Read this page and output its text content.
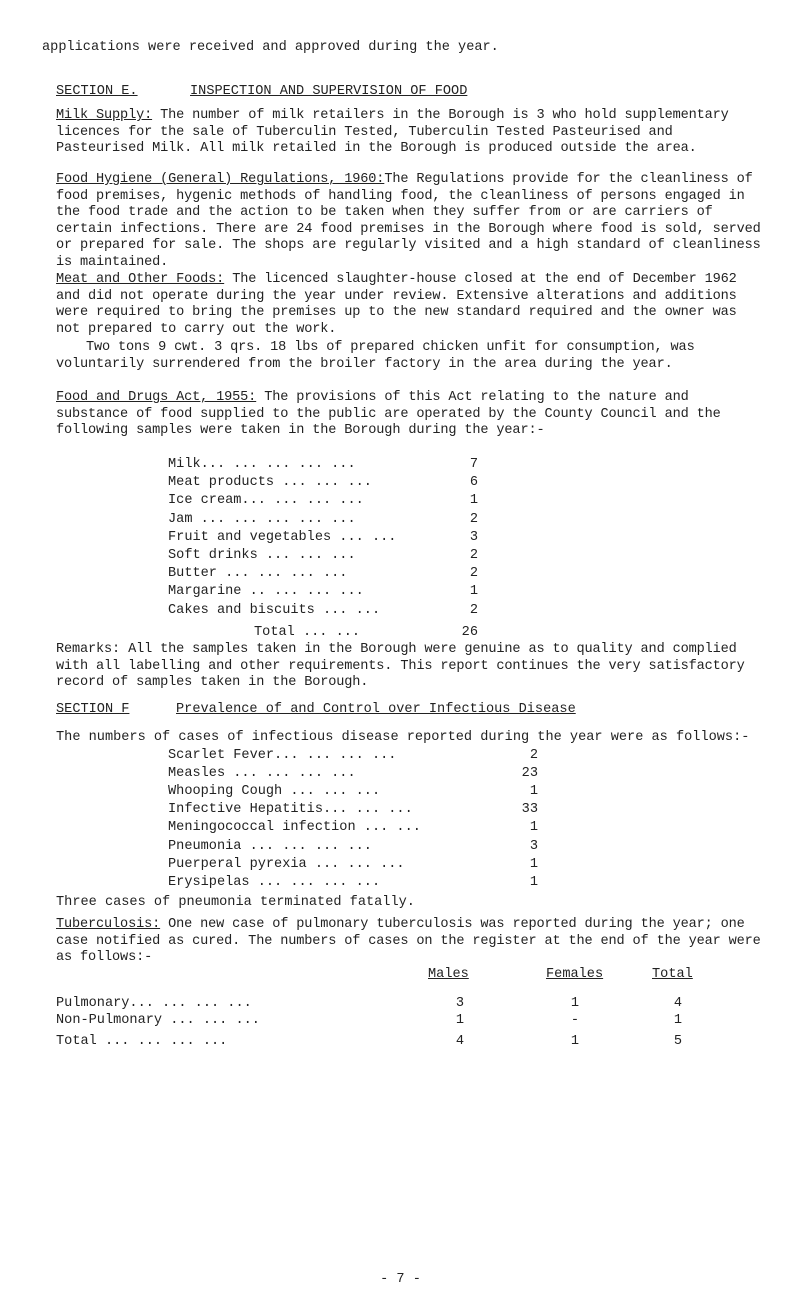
applications were received and approved during the year.
SECTION E.	INSPECTION AND SUPERVISION OF FOOD

Milk Supply: The number of milk retailers in the Borough is 3 who hold supplementary licences for the sale of Tuberculin Tested, Tuberculin Tested Pasteurised and Pasteurised Milk. All milk retailed in the Borough is produced outside the area.

Food Hygiene (General) Regulations, 1960:The Regulations provide for the cleanliness of food premises, hygenic methods of handling food, the cleanliness of persons engaged in the food trade and the action to be taken when they suffer from or are carriers of certain infections. There are 24 food premises in the Borough where food is sold, served or prepared for sale. The shops are regularly visited and a high standard of cleanliness is maintained.

Meat and Other Foods: The licenced slaughter-house closed at the end of December 1962 and did not operate during the year under review. Extensive alterations and additions were required to bring the premises up to the new standard required and the owner was not prepared to carry out the work.

Two tons 9 cwt. 3 qrs. 18 lbs of prepared chicken unfit for consumption, was voluntarily surrendered from the broiler factory in the area during the year.

Food and Drugs Act, 1955: The provisions of this Act relating to the nature and substance of food supplied to the public are operated by the County Council and the following samples were taken in the Borough during the year:-

Milk... ... ... ... ...	7
Meat products ... ... ...	6
Ice cream... ... ... ...	1
Jam ... ... ... ... ...	2
Fruit and vegetables ... ...	3
Soft drinks ... ... ...	2
Butter ... ... ... ...	2
Margarine .. ... ... ...	1
Cakes and biscuits ... ...	2
Total ... ...	26

Remarks: All the samples taken in the Borough were genuine as to quality and complied with all labelling and other requirements. This report continues the very satisfactory record of samples taken in the Borough.

SECTION F	Prevalence of and Control over Infectious Disease
The numbers of cases of infectious disease reported during the year were as follows:-
Scarlet Fever... ... ... ...	2
Measles ... ... ... ...	23
Whooping Cough ... ... ...	1
Infective Hepatitis... ... ...	33
Meningococcal infection ... ...	1
Pneumonia ... ... ... ...	3
Puerperal pyrexia ... ... ...	1
Erysipelas ... ... ... ...	1
Three cases of pneumonia terminated fatally.

Tuberculosis: One new case of pulmonary tuberculosis was reported during the year; one case notified as cured. The numbers of cases on the register at the end of the year were as follows:-

Males	Females	Total
Pulmonary... ... ... ...	3	1	4
Non-Pulmonary ... ... ...	1	-	1
Total ... ... ... ...	4	1	5
- 7 -
